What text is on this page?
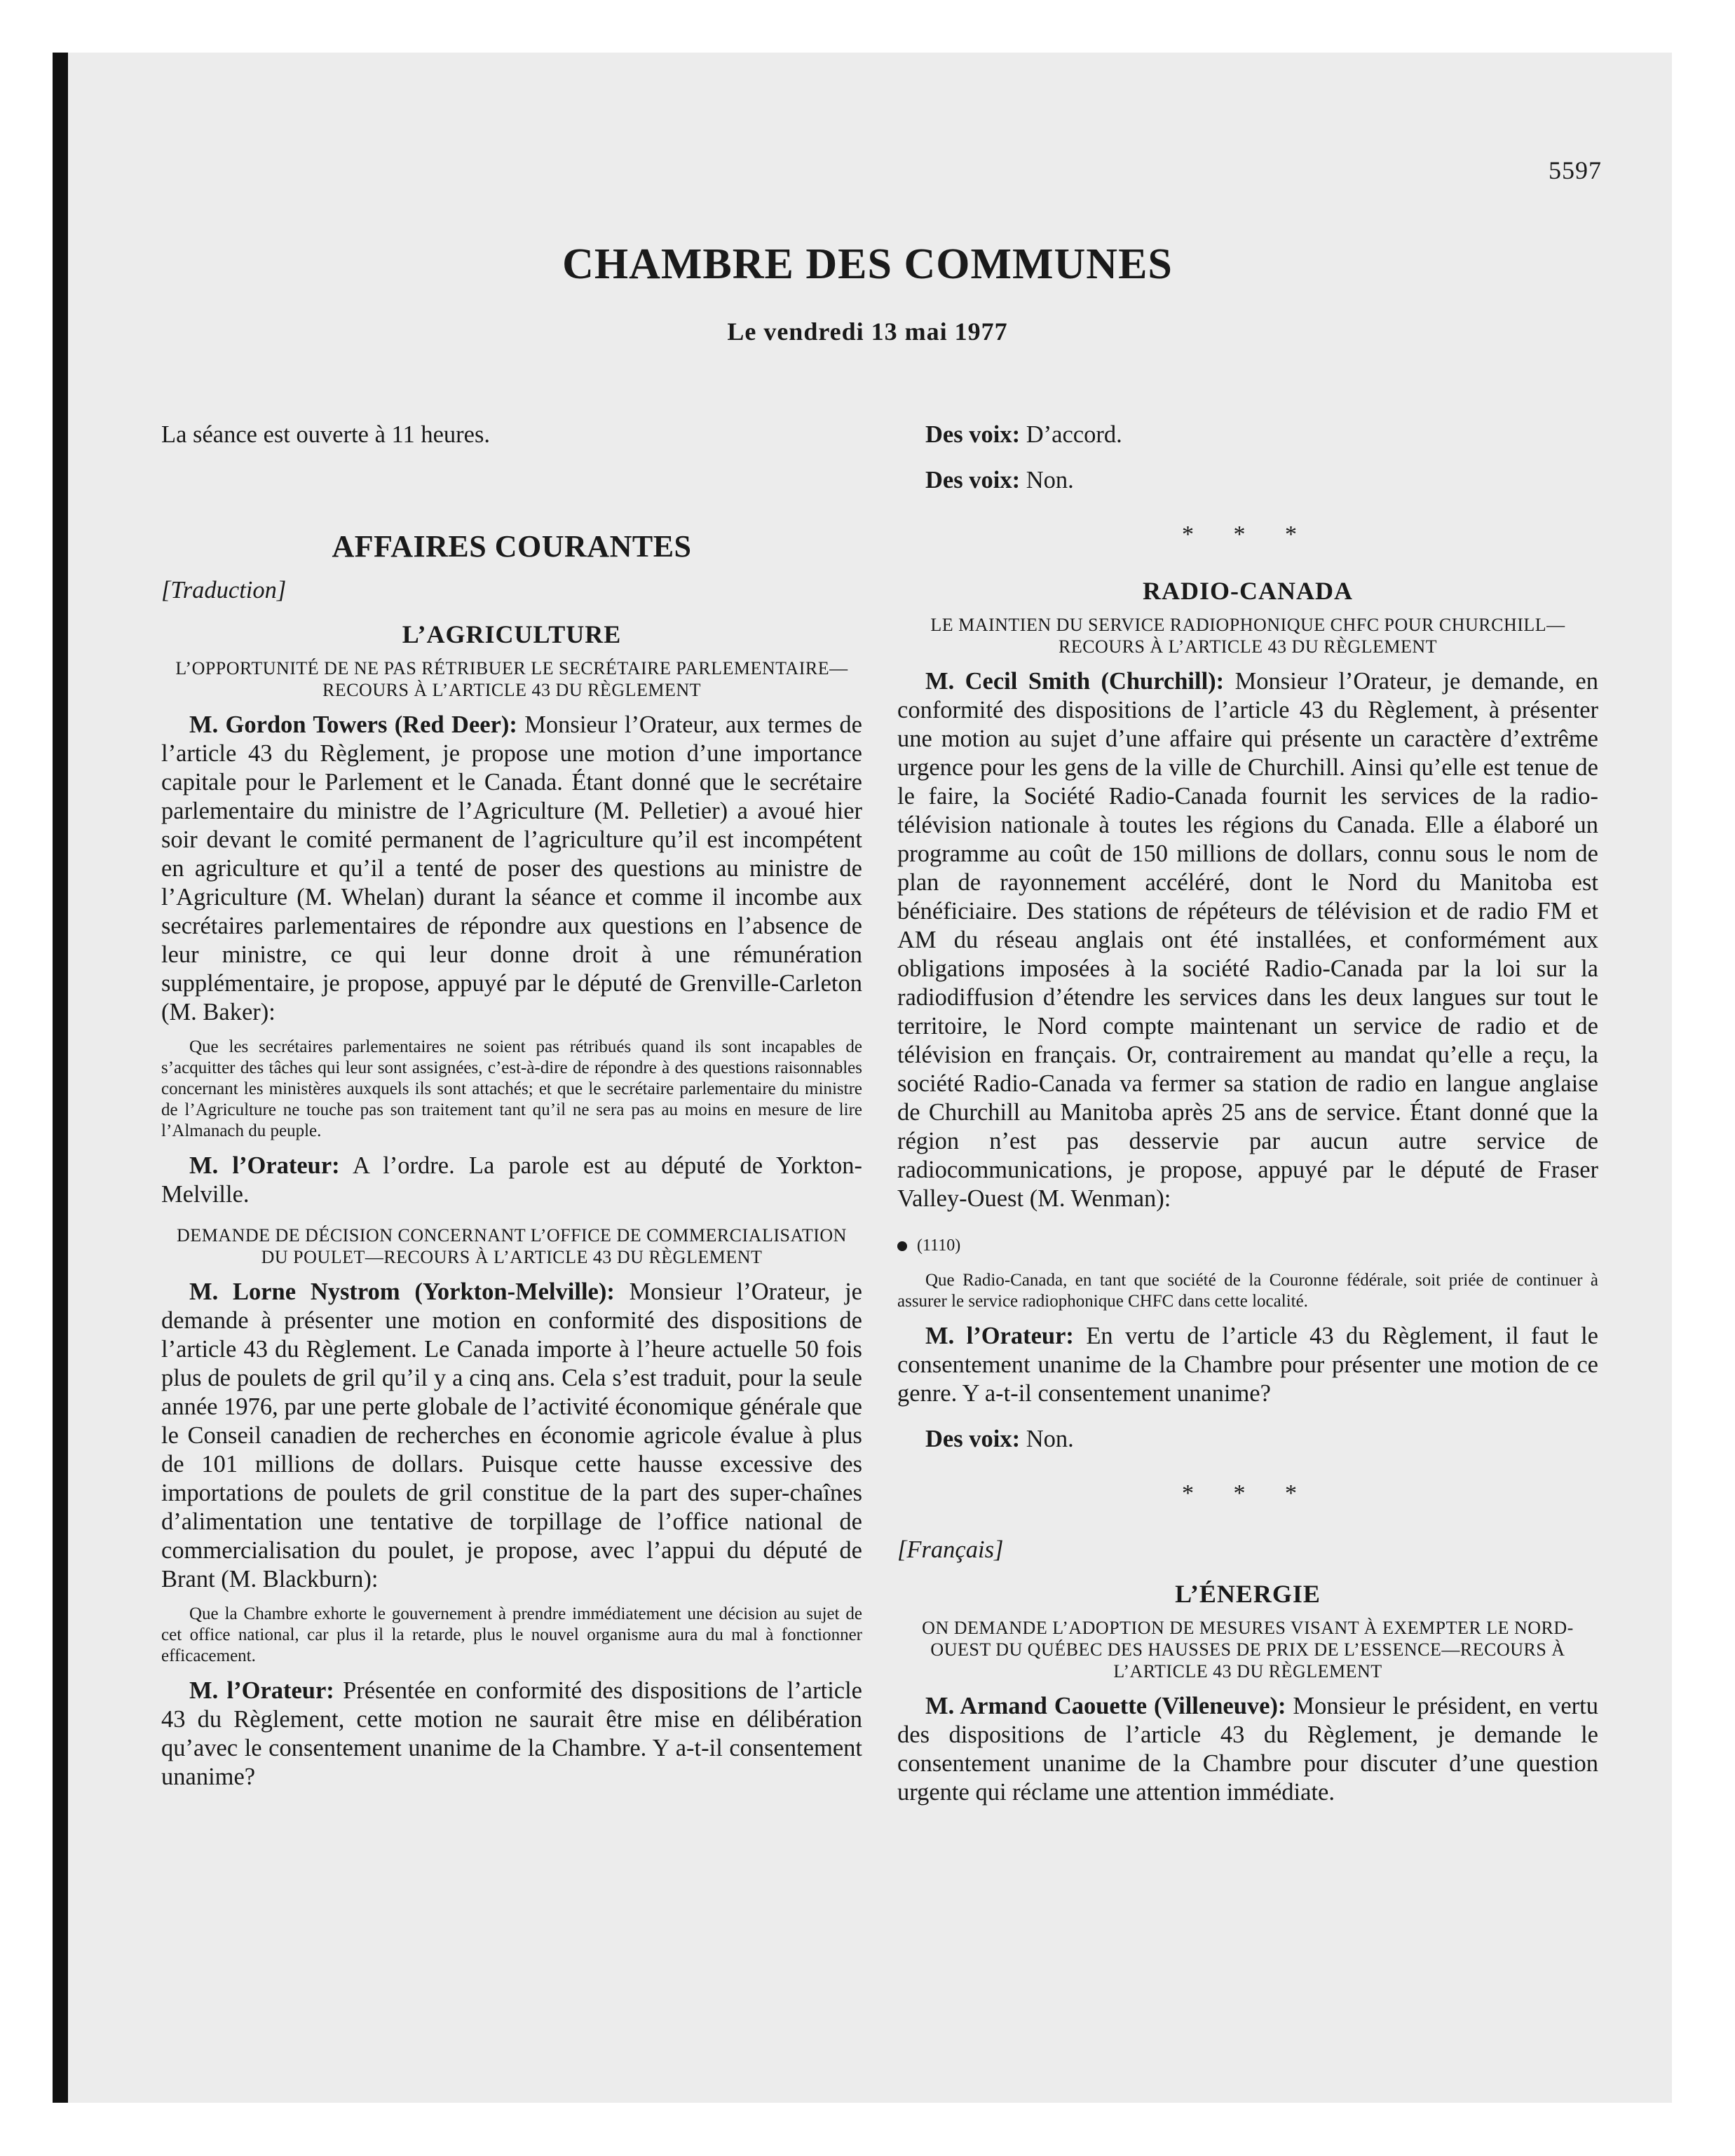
5597
CHAMBRE DES COMMUNES
Le vendredi 13 mai 1977

La séance est ouverte à 11 heures.

AFFAIRES COURANTES
[Traduction]
L’AGRICULTURE
L’OPPORTUNITÉ DE NE PAS RÉTRIBUER LE SECRÉTAIRE PARLEMENTAIRE—RECOURS À L’ARTICLE 43 DU RÈGLEMENT

M. Gordon Towers (Red Deer): Monsieur l’Orateur, aux termes de l’article 43 du Règlement, je propose une motion d’une importance capitale pour le Parlement et le Canada. Étant donné que le secrétaire parlementaire du ministre de l’Agriculture (M. Pelletier) a avoué hier soir devant le comité permanent de l’agriculture qu’il est incompétent en agriculture et qu’il a tenté de poser des questions au ministre de l’Agriculture (M. Whelan) durant la séance et comme il incombe aux secrétaires parlementaires de répondre aux questions en l’absence de leur ministre, ce qui leur donne droit à une rémunération supplémentaire, je propose, appuyé par le député de Grenville-Carleton (M. Baker):

Que les secrétaires parlementaires ne soient pas rétribués quand ils sont incapables de s’acquitter des tâches qui leur sont assignées, c’est-à-dire de répondre à des questions raisonnables concernant les ministères auxquels ils sont attachés; et que le secrétaire parlementaire du ministre de l’Agriculture ne touche pas son traitement tant qu’il ne sera pas au moins en mesure de lire l’Almanach du peuple.

M. l’Orateur: A l’ordre. La parole est au député de Yorkton-Melville.

DEMANDE DE DÉCISION CONCERNANT L’OFFICE DE COMMERCIALISATION DU POULET—RECOURS À L’ARTICLE 43 DU RÈGLEMENT

M. Lorne Nystrom (Yorkton-Melville): Monsieur l’Orateur, je demande à présenter une motion en conformité des dispositions de l’article 43 du Règlement. Le Canada importe à l’heure actuelle 50 fois plus de poulets de gril qu’il y a cinq ans. Cela s’est traduit, pour la seule année 1976, par une perte globale de l’activité économique générale que le Conseil canadien de recherches en économie agricole évalue à plus de 101 millions de dollars. Puisque cette hausse excessive des importations de poulets de gril constitue de la part des super-chaînes d’alimentation une tentative de torpillage de l’office national de commercialisation du poulet, je propose, avec l’appui du député de Brant (M. Blackburn):

Que la Chambre exhorte le gouvernement à prendre immédiatement une décision au sujet de cet office national, car plus il la retarde, plus le nouvel organisme aura du mal à fonctionner efficacement.

M. l’Orateur: Présentée en conformité des dispositions de l’article 43 du Règlement, cette motion ne saurait être mise en délibération qu’avec le consentement unanime de la Chambre. Y a-t-il consentement unanime?

Des voix: D’accord.

Des voix: Non.

* * *
RADIO-CANADA
LE MAINTIEN DU SERVICE RADIOPHONIQUE CHFC POUR CHURCHILL—RECOURS À L’ARTICLE 43 DU RÈGLEMENT

M. Cecil Smith (Churchill): Monsieur l’Orateur, je demande, en conformité des dispositions de l’article 43 du Règlement, à présenter une motion au sujet d’une affaire qui présente un caractère d’extrême urgence pour les gens de la ville de Churchill. Ainsi qu’elle est tenue de le faire, la Société Radio-Canada fournit les services de la radio-télévision nationale à toutes les régions du Canada. Elle a élaboré un programme au coût de 150 millions de dollars, connu sous le nom de plan de rayonnement accéléré, dont le Nord du Manitoba est bénéficiaire. Des stations de répéteurs de télévision et de radio FM et AM du réseau anglais ont été installées, et conformément aux obligations imposées à la société Radio-Canada par la loi sur la radiodiffusion d’étendre les services dans les deux langues sur tout le territoire, le Nord compte maintenant un service de radio et de télévision en français. Or, contrairement au mandat qu’elle a reçu, la société Radio-Canada va fermer sa station de radio en langue anglaise de Churchill au Manitoba après 25 ans de service. Étant donné que la région n’est pas desservie par aucun autre service de radiocommunications, je propose, appuyé par le député de Fraser Valley-Ouest (M. Wenman):

(1110)

Que Radio-Canada, en tant que société de la Couronne fédérale, soit priée de continuer à assurer le service radiophonique CHFC dans cette localité.

M. l’Orateur: En vertu de l’article 43 du Règlement, il faut le consentement unanime de la Chambre pour présenter une motion de ce genre. Y a-t-il consentement unanime?

Des voix: Non.

* * *
[Français]
L’ÉNERGIE
ON DEMANDE L’ADOPTION DE MESURES VISANT À EXEMPTER LE NORD-OUEST DU QUÉBEC DES HAUSSES DE PRIX DE L’ESSENCE—RECOURS À L’ARTICLE 43 DU RÈGLEMENT

M. Armand Caouette (Villeneuve): Monsieur le président, en vertu des dispositions de l’article 43 du Règlement, je demande le consentement unanime de la Chambre pour discuter d’une question urgente qui réclame une attention immédiate.
